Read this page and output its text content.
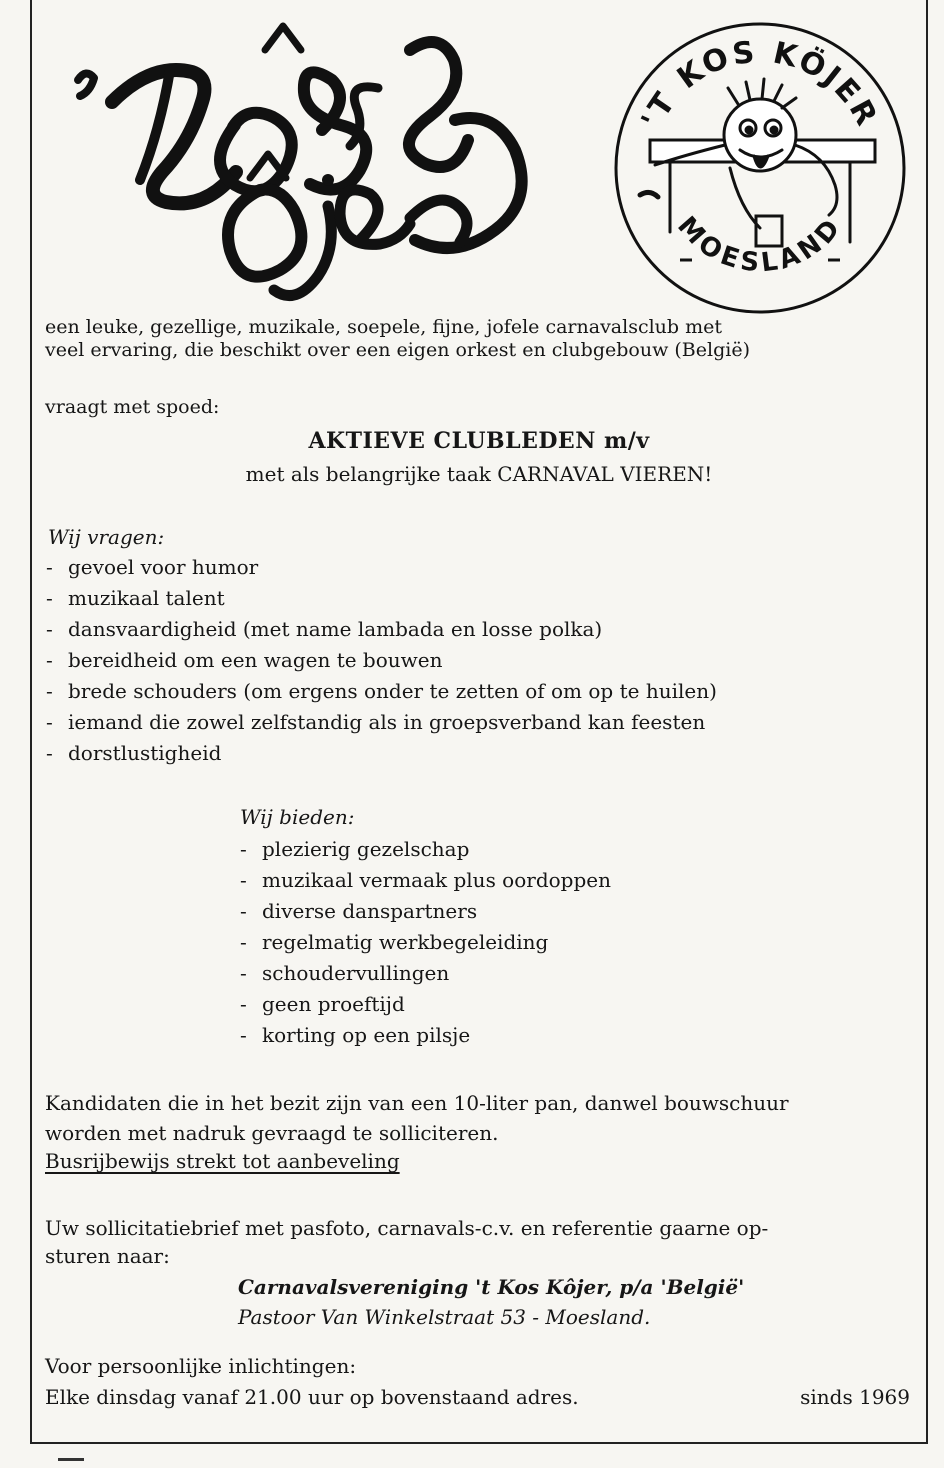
'T KOS KÖJER
MOESLAND
een leuke, gezellige, muzikale, soepele, fijne, jofele carnavalsclub met
veel ervaring, die beschikt over een eigen orkest en clubgebouw (België)
vraagt met spoed:
AKTIEVE CLUBLEDEN m/v
met als belangrijke taak CARNAVAL VIEREN!
Wij vragen:
- gevoel voor humor
- muzikaal talent
- dansvaardigheid (met name lambada en losse polka)
- bereidheid om een wagen te bouwen
- brede schouders (om ergens onder te zetten of om op te huilen)
- iemand die zowel zelfstandig als in groepsverband kan feesten
- dorstlustigheid
Wij bieden:
- plezierig gezelschap
- muzikaal vermaak plus oordoppen
- diverse danspartners
- regelmatig werkbegeleiding
- schoudervullingen
- geen proeftijd
- korting op een pilsje
Kandidaten die in het bezit zijn van een 10-liter pan, danwel bouwschuur
worden met nadruk gevraagd te solliciteren.
Busrijbewijs strekt tot aanbeveling
Uw sollicitatiebrief met pasfoto, carnavals-c.v. en referentie gaarne op-
sturen naar:
Carnavalsvereniging 't Kos Kôjer, p/a 'België'
Pastoor Van Winkelstraat 53 - Moesland.
Voor persoonlijke inlichtingen:
Elke dinsdag vanaf 21.00 uur op bovenstaand adres.	sinds 1969
